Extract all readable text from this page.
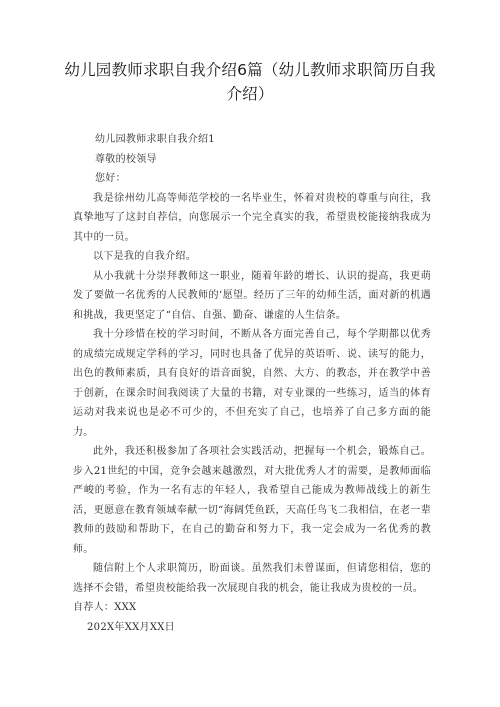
幼儿园教师求职自我介绍6篇（幼儿教师求职简历自我介绍）
幼儿园教师求职自我介绍1
尊敬的校领导
您好：
我是徐州幼儿高等师范学校的一名毕业生，怀着对贵校的尊重与向往，我真挚地写了这封自荐信，向您展示一个完全真实的我，希望贵校能接纳我成为其中的一员。
以下是我的自我介绍。
从小我就十分崇拜教师这一职业，随着年龄的增长、认识的提高，我更萌发了要做一名优秀的人民教师的‘愿望。经历了三年的幼师生活，面对新的机遇和挑战，我更坚定了“自信、自强、勤奋、谦虚的人生信条。
我十分珍惜在校的学习时间，不断从各方面完善自己，每个学期都以优秀的成绩完成规定学科的学习，同时也具备了优异的英语听、说、读写的能力，出色的教师素质，具有良好的语音面貌，自然、大方、的教态，并在教学中善于创新，在课余时间我阅读了大量的书籍，对专业课的一些练习，适当的体育运动对我来说也是必不可少的，不但充实了自己，也培养了自己多方面的能力。
此外，我还积极参加了各项社会实践活动，把握每一个机会，锻炼自己。步入21世纪的中国，竞争会越来越激烈，对大批优秀人才的需要，是教师面临严峻的考验，作为一名有志的年轻人，我希望自己能成为教师战线上的新生活，更愿意在教育领域奉献一切“海阔凭鱼跃，天高任鸟飞二我相信，在老一辈教师的鼓励和帮助下，在自己的勤奋和努力下，我一定会成为一名优秀的教师。
随信附上个人求职简历，盼面谈。虽然我们未曾谋面，但请您相信，您的选择不会错，希望贵校能给我一次展现自我的机会，能让我成为贵校的一员。
自荐人：XXX
202X年XX月XX日
